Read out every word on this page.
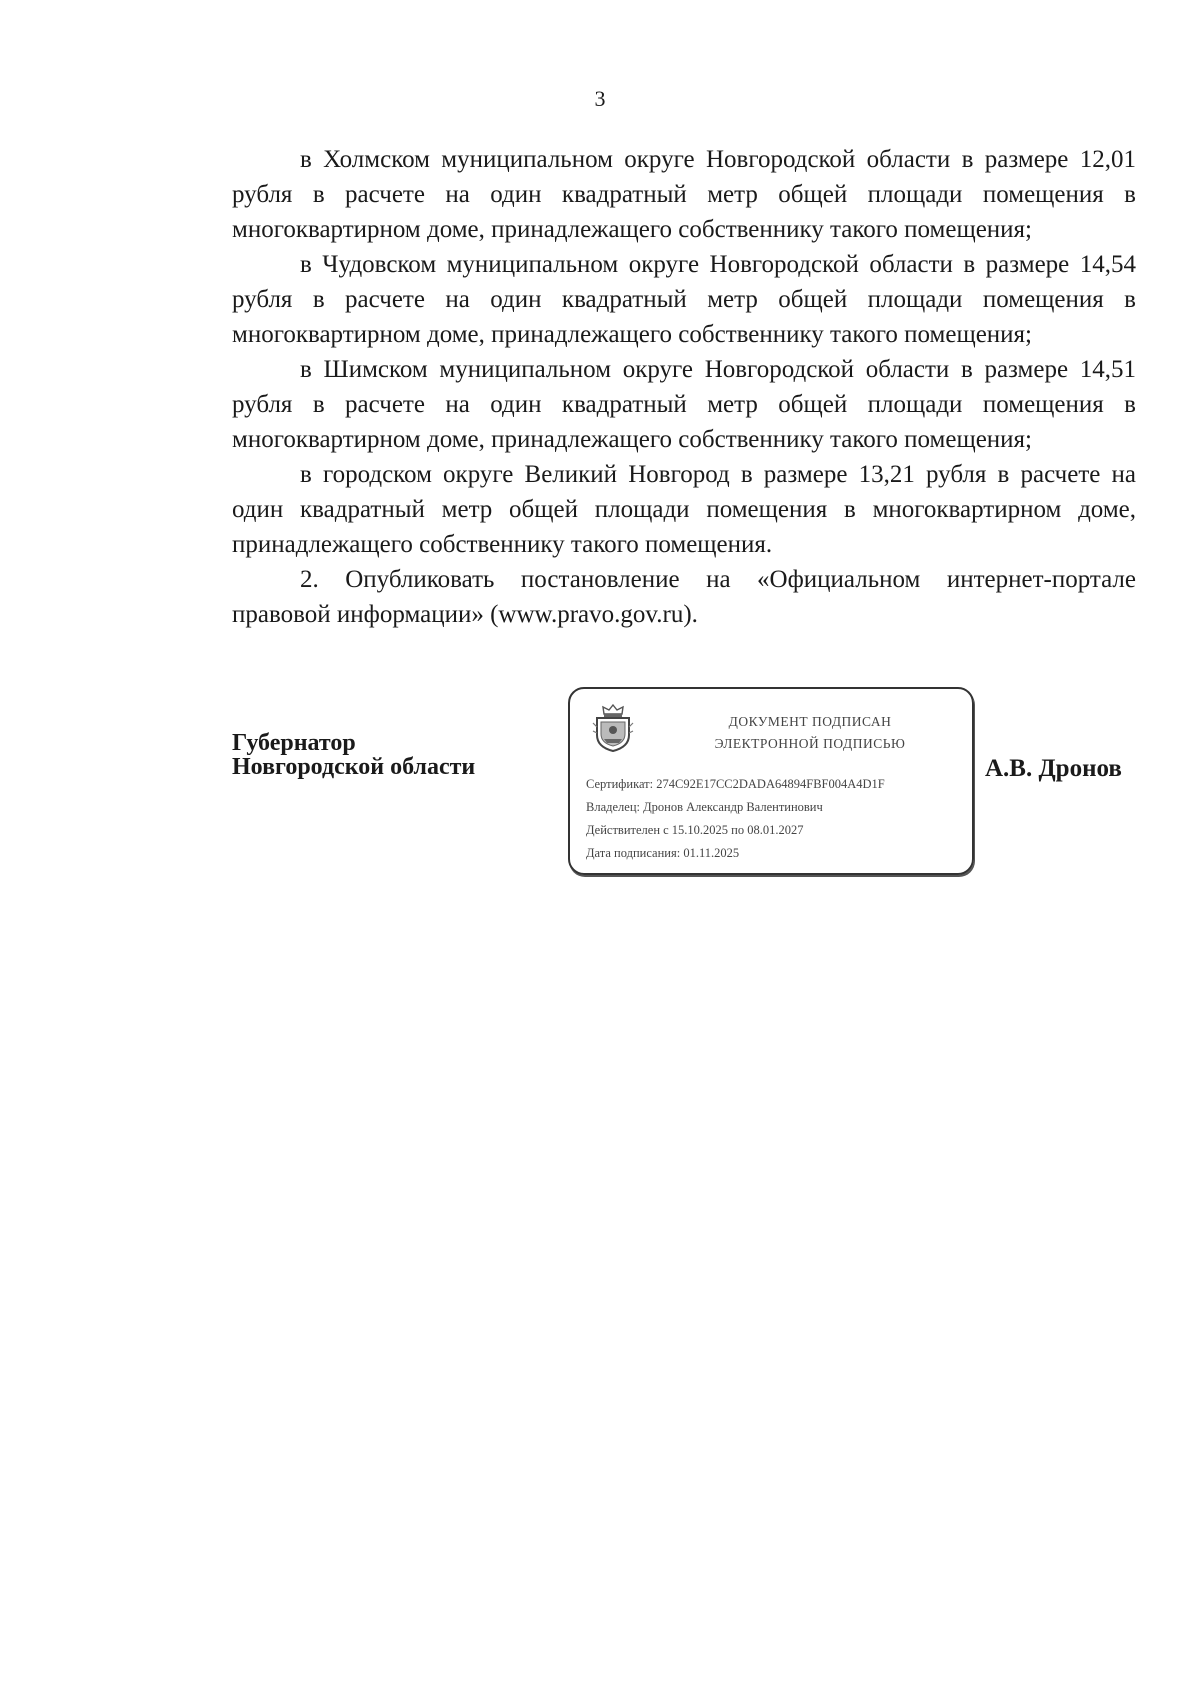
3

в Холмском муниципальном округе Новгородской области в размере 12,01 рубля в расчете на один квадратный метр общей площади помещения в многоквартирном доме, принадлежащего собственнику такого помещения;

в Чудовском муниципальном округе Новгородской области в размере 14,54 рубля в расчете на один квадратный метр общей площади помещения в многоквартирном доме, принадлежащего собственнику такого помещения;

в Шимском муниципальном округе Новгородской области в размере 14,51 рубля в расчете на один квадратный метр общей площади помещения в многоквартирном доме, принадлежащего собственнику такого помещения;

в городском округе Великий Новгород в размере 13,21 рубля в расчете на один квадратный метр общей площади помещения в многоквартирном доме, принадлежащего собственнику такого помещения.

2. Опубликовать постановление на «Официальном интернет-портале правовой информации» (www.pravo.gov.ru).

Губернатор
Новгородской области
ДОКУМЕНТ ПОДПИСАН
ЭЛЕКТРОННОЙ ПОДПИСЬЮ
Сертификат: 274C92E17CC2DADA64894FBF004A4D1F
Владелец: Дронов Александр Валентинович
Действителен с 15.10.2025 по 08.01.2027
Дата подписания: 01.11.2025
А.В. Дронов
